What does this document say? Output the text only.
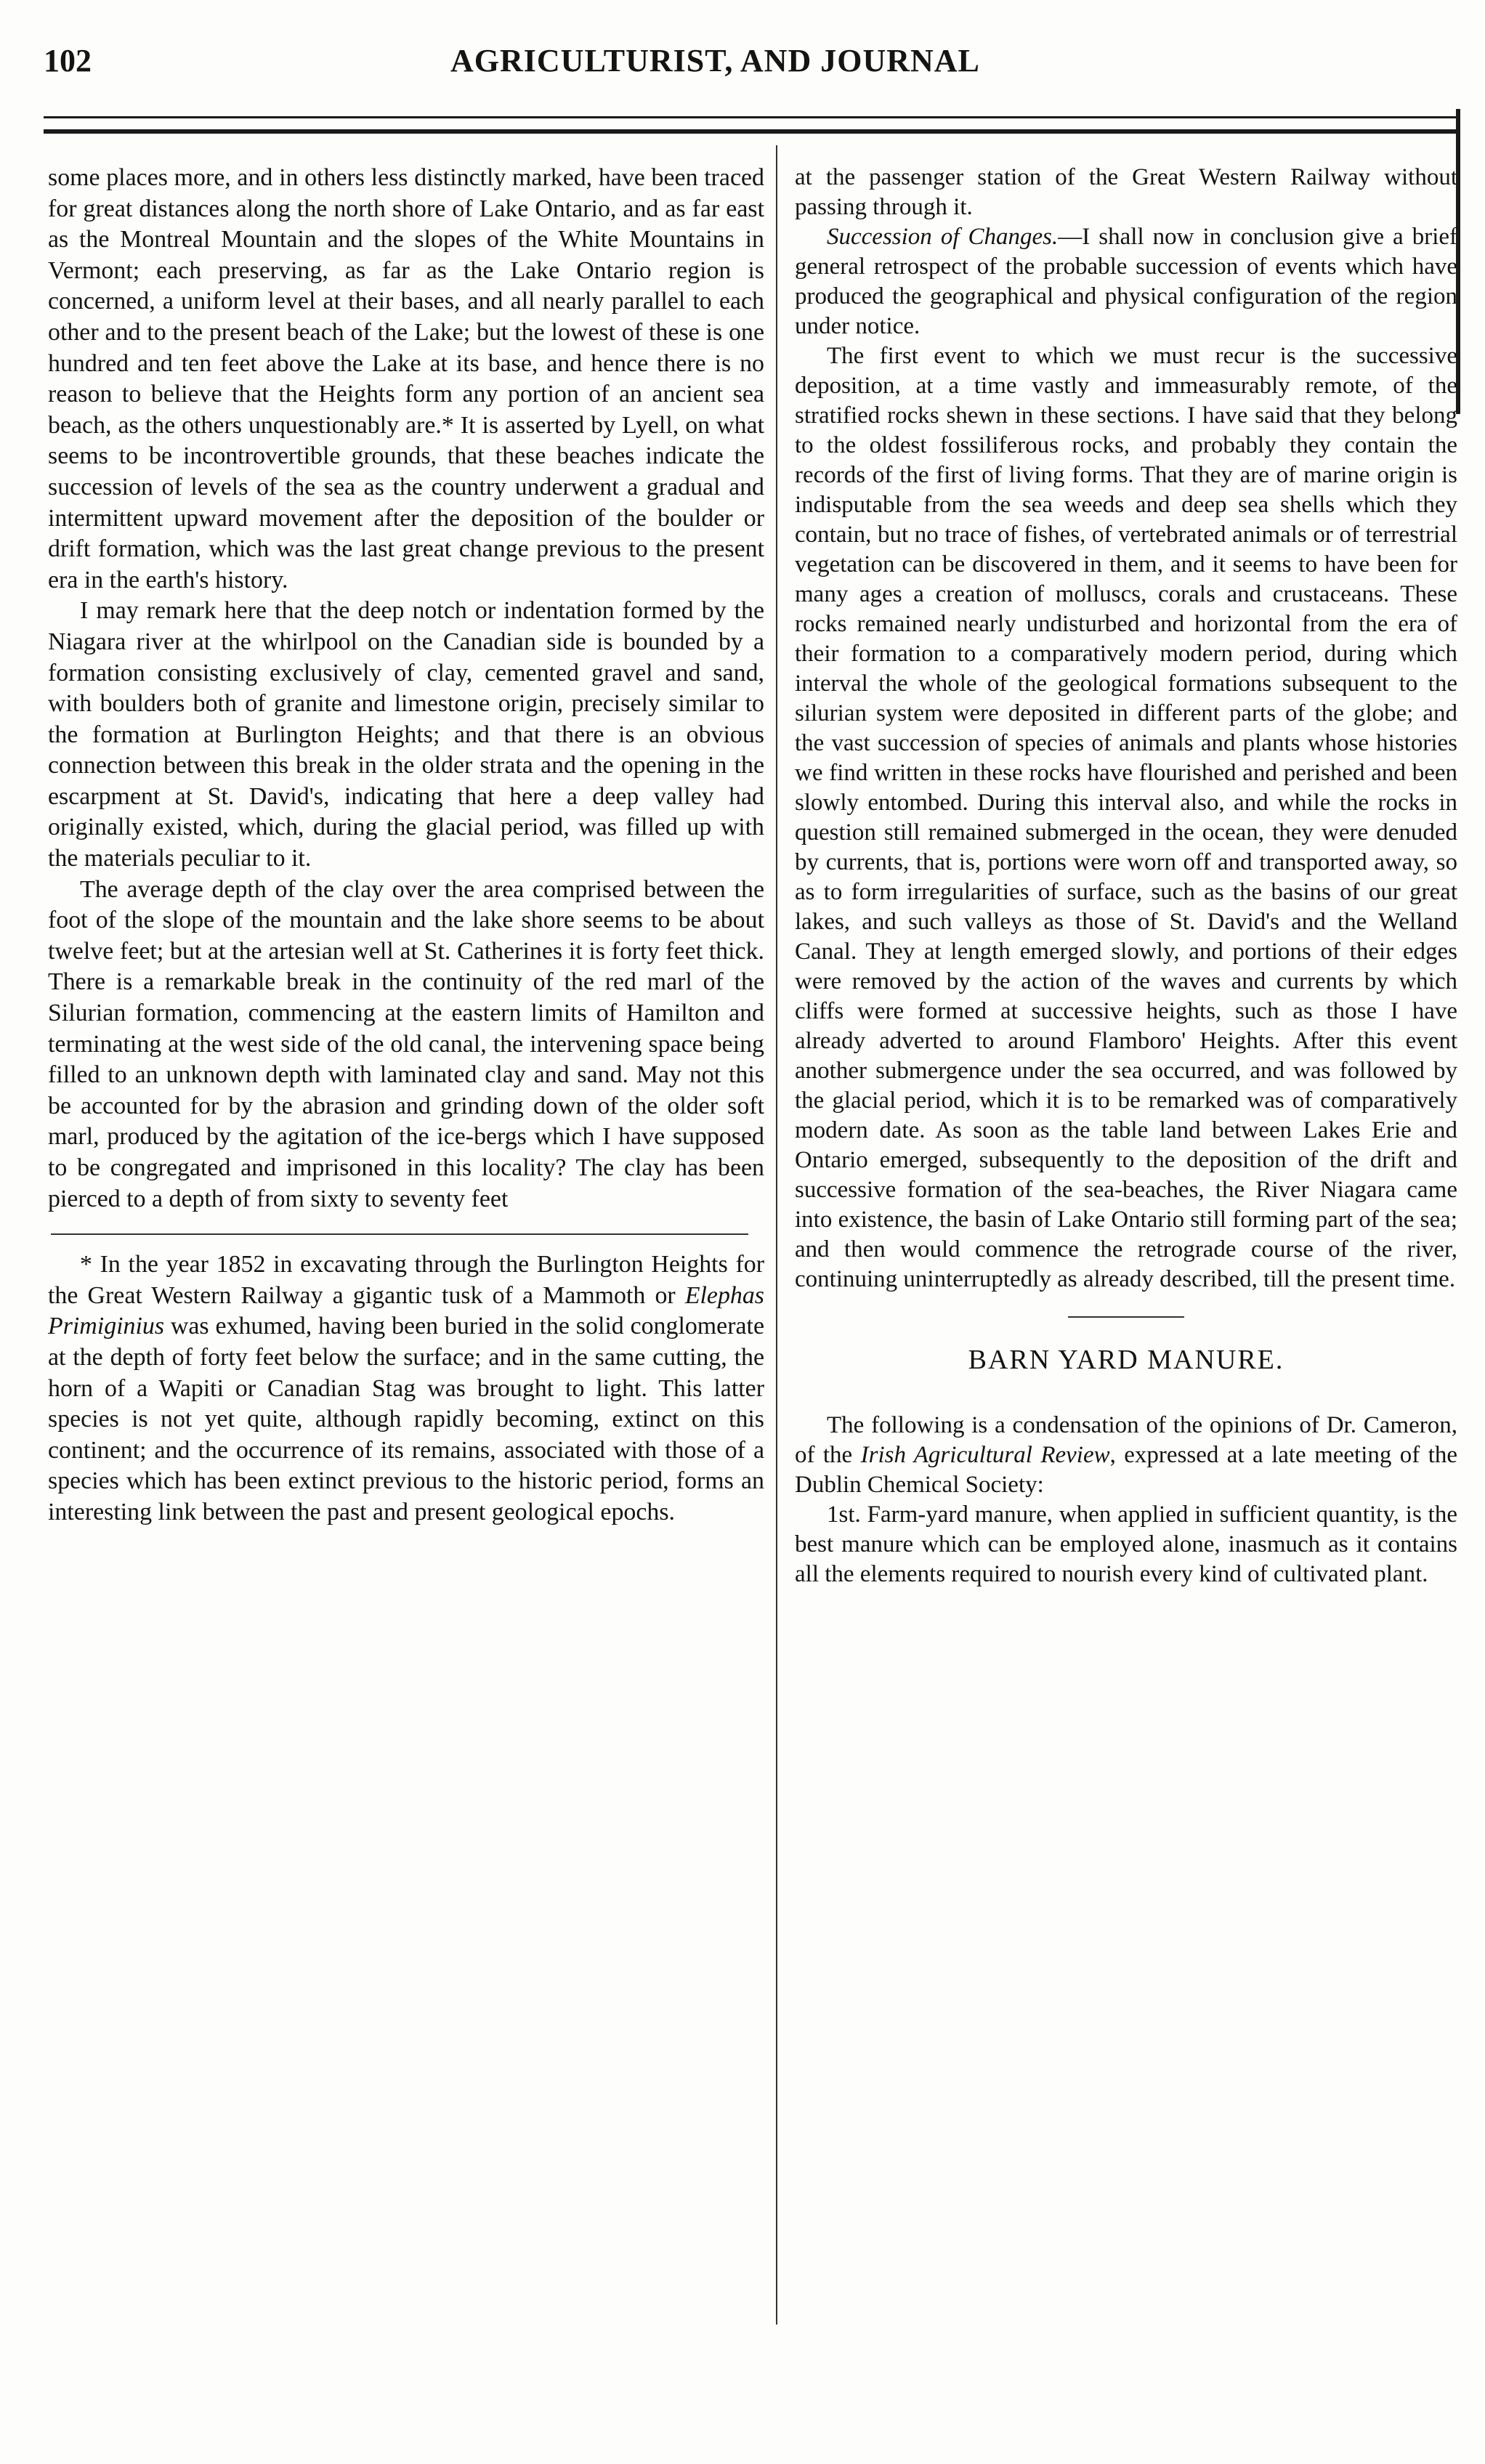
102	AGRICULTURIST, AND JOURNAL

some places more, and in others less distinctly marked, have been traced for great distances along the north shore of Lake Ontario, and as far east as the Montreal Mountain and the slopes of the White Mountains in Vermont; each preserving, as far as the Lake Ontario region is concerned, a uniform level at their bases, and all nearly parallel to each other and to the present beach of the Lake; but the lowest of these is one hundred and ten feet above the Lake at its base, and hence there is no reason to believe that the Heights form any portion of an ancient sea beach, as the others unquestionably are.* It is asserted by Lyell, on what seems to be incontrovertible grounds, that these beaches indicate the succession of levels of the sea as the country underwent a gradual and intermittent upward movement after the deposition of the boulder or drift formation, which was the last great change previous to the present era in the earth's history.

I may remark here that the deep notch or indentation formed by the Niagara river at the whirlpool on the Canadian side is bounded by a formation consisting exclusively of clay, cemented gravel and sand, with boulders both of granite and limestone origin, precisely similar to the formation at Burlington Heights; and that there is an obvious connection between this break in the older strata and the opening in the escarpment at St. David's, indicating that here a deep valley had originally existed, which, during the glacial period, was filled up with the materials peculiar to it.

The average depth of the clay over the area comprised between the foot of the slope of the mountain and the lake shore seems to be about twelve feet; but at the artesian well at St. Catherines it is forty feet thick. There is a remarkable break in the continuity of the red marl of the Silurian formation, commencing at the eastern limits of Hamilton and terminating at the west side of the old canal, the intervening space being filled to an unknown depth with laminated clay and sand. May not this be accounted for by the abrasion and grinding down of the older soft marl, produced by the agitation of the ice-bergs which I have supposed to be congregated and imprisoned in this locality? The clay has been pierced to a depth of from sixty to seventy feet

* In the year 1852 in excavating through the Burlington Heights for the Great Western Railway a gigantic tusk of a Mammoth or Elephas Primiginius was exhumed, having been buried in the solid conglomerate at the depth of forty feet below the surface; and in the same cutting, the horn of a Wapiti or Canadian Stag was brought to light. This latter species is not yet quite, although rapidly becoming, extinct on this continent; and the occurrence of its remains, associated with those of a species which has been extinct previous to the historic period, forms an interesting link between the past and present geological epochs.

at the passenger station of the Great Western Railway without passing through it.

Succession of Changes.—I shall now in conclusion give a brief general retrospect of the probable succession of events which have produced the geographical and physical configuration of the region under notice.

The first event to which we must recur is the successive deposition, at a time vastly and immeasurably remote, of the stratified rocks shewn in these sections. I have said that they belong to the oldest fossiliferous rocks, and probably they contain the records of the first of living forms. That they are of marine origin is indisputable from the sea weeds and deep sea shells which they contain, but no trace of fishes, of vertebrated animals or of terrestrial vegetation can be discovered in them, and it seems to have been for many ages a creation of molluscs, corals and crustaceans. These rocks remained nearly undisturbed and horizontal from the era of their formation to a comparatively modern period, during which interval the whole of the geological formations subsequent to the silurian system were deposited in different parts of the globe; and the vast succession of species of animals and plants whose histories we find written in these rocks have flourished and perished and been slowly entombed. During this interval also, and while the rocks in question still remained submerged in the ocean, they were denuded by currents, that is, portions were worn off and transported away, so as to form irregularities of surface, such as the basins of our great lakes, and such valleys as those of St. David's and the Welland Canal. They at length emerged slowly, and portions of their edges were removed by the action of the waves and currents by which cliffs were formed at successive heights, such as those I have already adverted to around Flamboro' Heights. After this event another submergence under the sea occurred, and was followed by the glacial period, which it is to be remarked was of comparatively modern date. As soon as the table land between Lakes Erie and Ontario emerged, subsequently to the deposition of the drift and successive formation of the sea-beaches, the River Niagara came into existence, the basin of Lake Ontario still forming part of the sea; and then would commence the retrograde course of the river, continuing uninterruptedly as already described, till the present time.

BARN YARD MANURE.

The following is a condensation of the opinions of Dr. Cameron, of the Irish Agricultural Review, expressed at a late meeting of the Dublin Chemical Society:

1st. Farm-yard manure, when applied in sufficient quantity, is the best manure which can be employed alone, inasmuch as it contains all the elements required to nourish every kind of cultivated plant.
